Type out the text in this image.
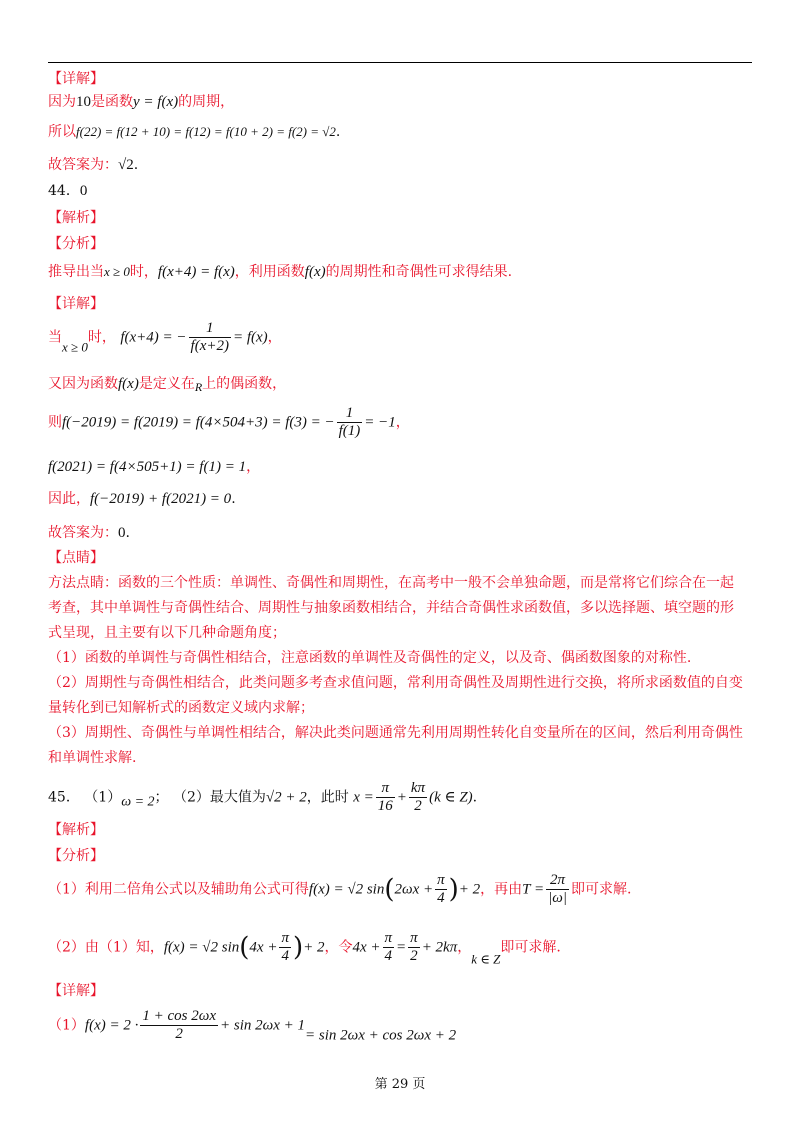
【详解】
因为10是函数y = f(x)的周期，
所以f(22) = f(12 + 10) = f(12) = f(10 + 2) = f(2) = √2.
故答案为：√2.
44．0
【解析】
【分析】
推导出当x ≥ 0时，f(x+4) = f(x)，利用函数f(x)的周期性和奇偶性可求得结果.
【详解】
当x ≥ 0时， f(x+4) = − $\frac{1}{f(x+2)} = f(x)$，
又因为函数f(x)是定义在R上的偶函数，
则f(−2019) = f(2019) = f(4×504+3) = f(3) = − $\frac{1}{f(1)} = -1$，
f(2021) = f(4×505+1) = f(1) = 1，
因此，f(−2019) + f(2021) = 0.
故答案为：0.
【点睛】
方法点睛：函数的三个性质：单调性、奇偶性和周期性，在高考中一般不会单独命题，而是常将它们综合在一起
考查，其中单调性与奇偶性结合、周期性与抽象函数相结合，并结合奇偶性求函数值，多以选择题、填空题的形
式呈现，且主要有以下几种命题角度；
（1）函数的单调性与奇偶性相结合，注意函数的单调性及奇偶性的定义，以及奇、偶函数图象的对称性.
（2）周期性与奇偶性相结合，此类问题多考查求值问题，常利用奇偶性及周期性进行交换，将所求函数值的自变
量转化到已知解析式的函数定义域内求解；
（3）周期性、奇偶性与单调性相结合，解决此类问题通常先利用周期性转化自变量所在的区间，然后利用奇偶性
和单调性求解.
45． （1）ω = 2； （2）最大值为√2 + 2，此时 $x = \frac{\pi}{16} + \frac{k\pi}{2} (k$ ∈ Z).
【解析】
【分析】
（1）利用二倍角公式以及辅助角公式可得f(x) = √2 $\sin(2\omega x + \frac{\pi}{4}$ )+ 2，再由$T = \frac{2\pi}{|\omega|}$ 即可求解.
（2）由（1）知，f(x) = √2 $\sin(4x + \frac{\pi}{4}$ )+ 2，令$4x + \frac{\pi}{4} = \frac{\pi}{2} + 2k\pi$，k ∈ Z即可求解.
【详解】
$(1)f(x) = 2 \cdot \frac{1 + \cos 2\omega x}{2} + \sin 2\omega x + 1= \sin 2\omega x + \cos 2\omega x + 2$
第 29 页
